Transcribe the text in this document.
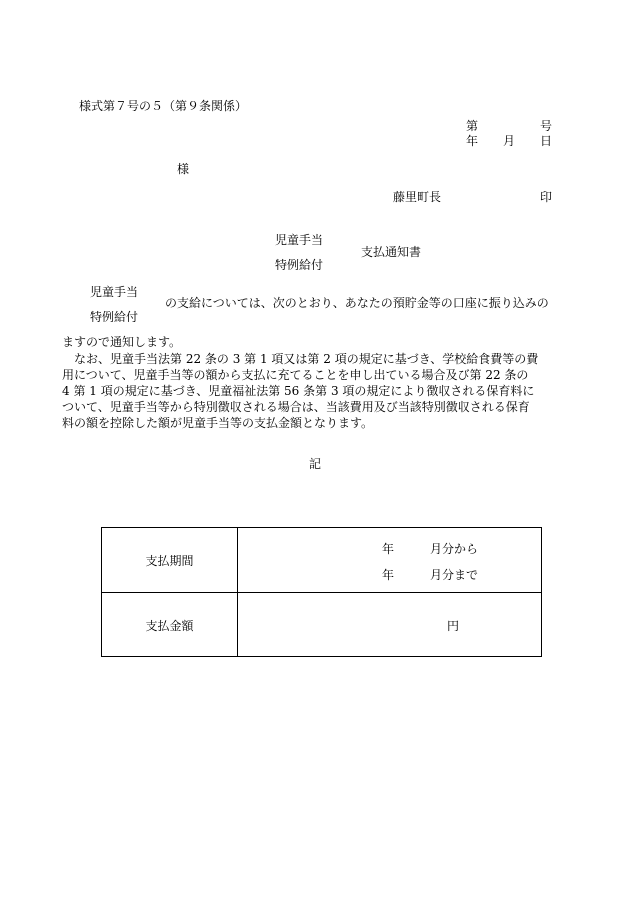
様式第７号の５（第９条関係）
第	号
年 月 日
様
藤里町長	印
児童手当
支払通知書
特例給付
児童手当
の支給については、次のとおり、あなたの預貯金等の口座に振り込みの
特例給付
ますので通知します。
なお、児童手当法第 22 条の 3 第 1 項又は第 2 項の規定に基づき、学校給食費等の費
用について、児童手当等の額から支払に充てることを申し出ている場合及び第 22 条の
4 第 1 項の規定に基づき、児童福祉法第 56 条第 3 項の規定により徴収される保育料に
ついて、児童手当等から特別徴収される場合は、当該費用及び当該特別徴収される保育
料の額を控除した額が児童手当等の支払金額となります。
記
支払期間	年 月分から
年 月分まで

支払金額	円
